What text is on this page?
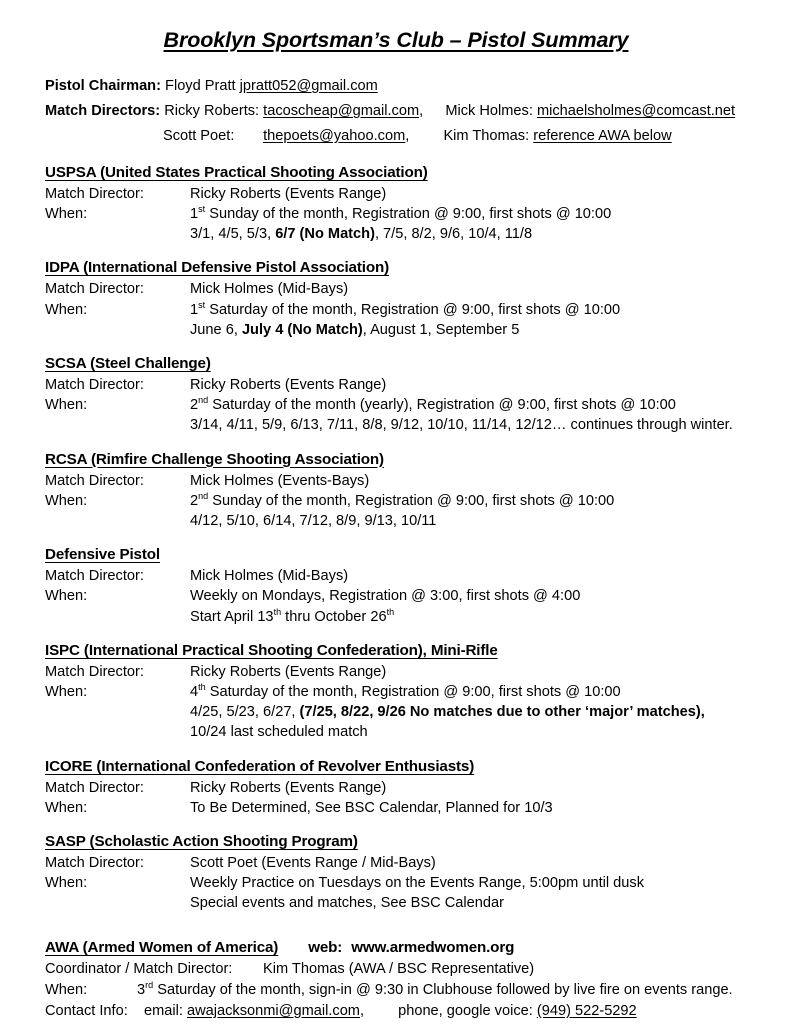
Brooklyn Sportsman’s Club – Pistol Summary
Pistol Chairman: Floyd Pratt jpratt052@gmail.com
Match Directors: Ricky Roberts: tacoscheap@gmail.com, Mick Holmes: michaelsholmes@comcast.net
Scott Poet: thepoets@yahoo.com, Kim Thomas: reference AWA below
USPSA (United States Practical Shooting Association)
Match Director:	Ricky Roberts (Events Range)
When:	1st Sunday of the month, Registration @ 9:00, first shots @ 10:00
3/1, 4/5, 5/3, 6/7 (No Match), 7/5, 8/2, 9/6, 10/4, 11/8
IDPA (International Defensive Pistol Association)
Match Director:	Mick Holmes (Mid-Bays)
When:	1st Saturday of the month, Registration @ 9:00, first shots @ 10:00
June 6, July 4 (No Match), August 1, September 5
SCSA (Steel Challenge)
Match Director:	Ricky Roberts (Events Range)
When:	2nd Saturday of the month (yearly), Registration @ 9:00, first shots @ 10:00
3/14, 4/11, 5/9, 6/13, 7/11, 8/8, 9/12, 10/10, 11/14, 12/12… continues through winter.
RCSA (Rimfire Challenge Shooting Association)
Match Director:	Mick Holmes (Events-Bays)
When:	2nd Sunday of the month, Registration @ 9:00, first shots @ 10:00
4/12, 5/10, 6/14, 7/12, 8/9, 9/13, 10/11
Defensive Pistol
Match Director:	Mick Holmes (Mid-Bays)
When:	Weekly on Mondays, Registration @ 3:00, first shots @ 4:00
Start April 13th thru October 26th
ISPC (International Practical Shooting Confederation), Mini-Rifle
Match Director:	Ricky Roberts (Events Range)
When:	4th Saturday of the month, Registration @ 9:00, first shots @ 10:00
4/25, 5/23, 6/27, (7/25, 8/22, 9/26 No matches due to other ‘major’ matches),
10/24 last scheduled match
ICORE (International Confederation of Revolver Enthusiasts)
Match Director:	Ricky Roberts (Events Range)
When:	To Be Determined, See BSC Calendar, Planned for 10/3
SASP (Scholastic Action Shooting Program)
Match Director:	Scott Poet (Events Range / Mid-Bays)
When:	Weekly Practice on Tuesdays on the Events Range, 5:00pm until dusk
Special events and matches, See BSC Calendar
AWA (Armed Women of America) web: www.armedwomen.org
Coordinator / Match Director: Kim Thomas (AWA / BSC Representative)
When:	3rd Saturday of the month, sign-in @ 9:30 in Clubhouse followed by live fire on events range.
Contact Info: email: awajacksonmi@gmail.com, phone, google voice: (949) 522-5292
